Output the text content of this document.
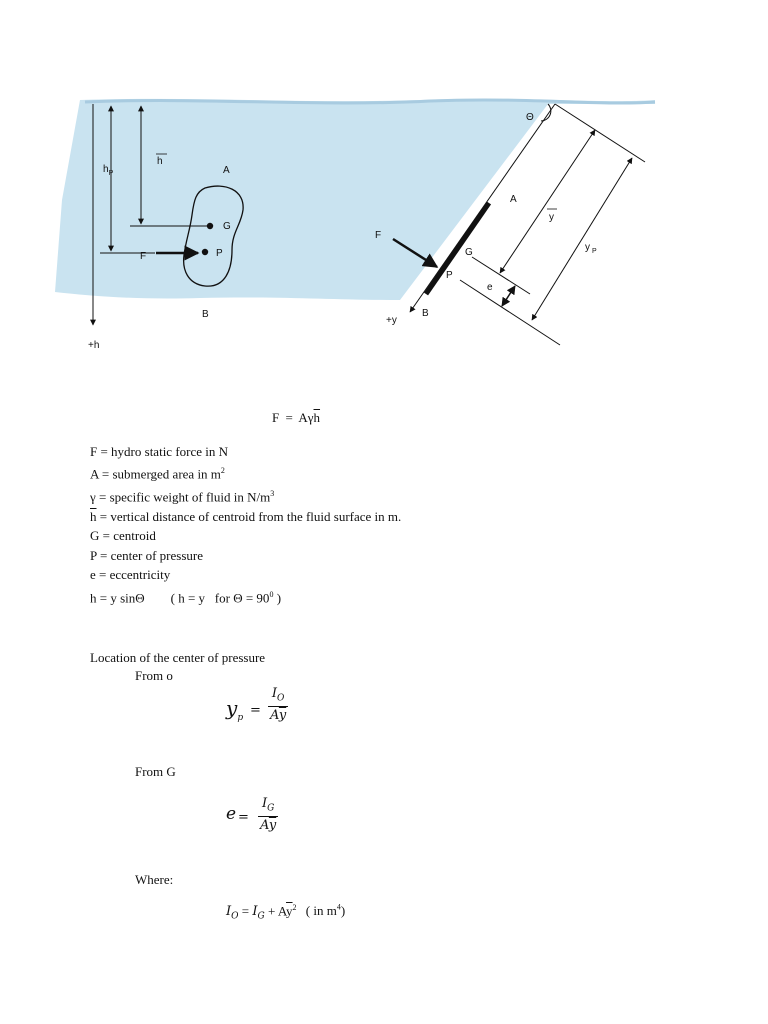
$h_P$
h
A
G
P
F
B
+h
Θ
A
y
y $_P$
F
G
P
e
+y
B
$F = A\gamma\overline{h}$
F = hydro static force in N
A = submerged area in $m^2$
γ = specific weight of fluid in $N/m^3$
$\overline{h}$ = vertical distance of centroid from the fluid surface in m.
G = centroid
P = center of pressure
e = eccentricity
h = y sinΘ        ( h = y   for $\Theta = 90^0$ )
Location of the center of pressure
From o
$y_p$ =
$I_O$
$A\overline{y}$
From G
e =
$I_G$
$A\overline{y}$
Where:
$I_O = I_G + A\overline{y}^2$ ( in $m^4$)
